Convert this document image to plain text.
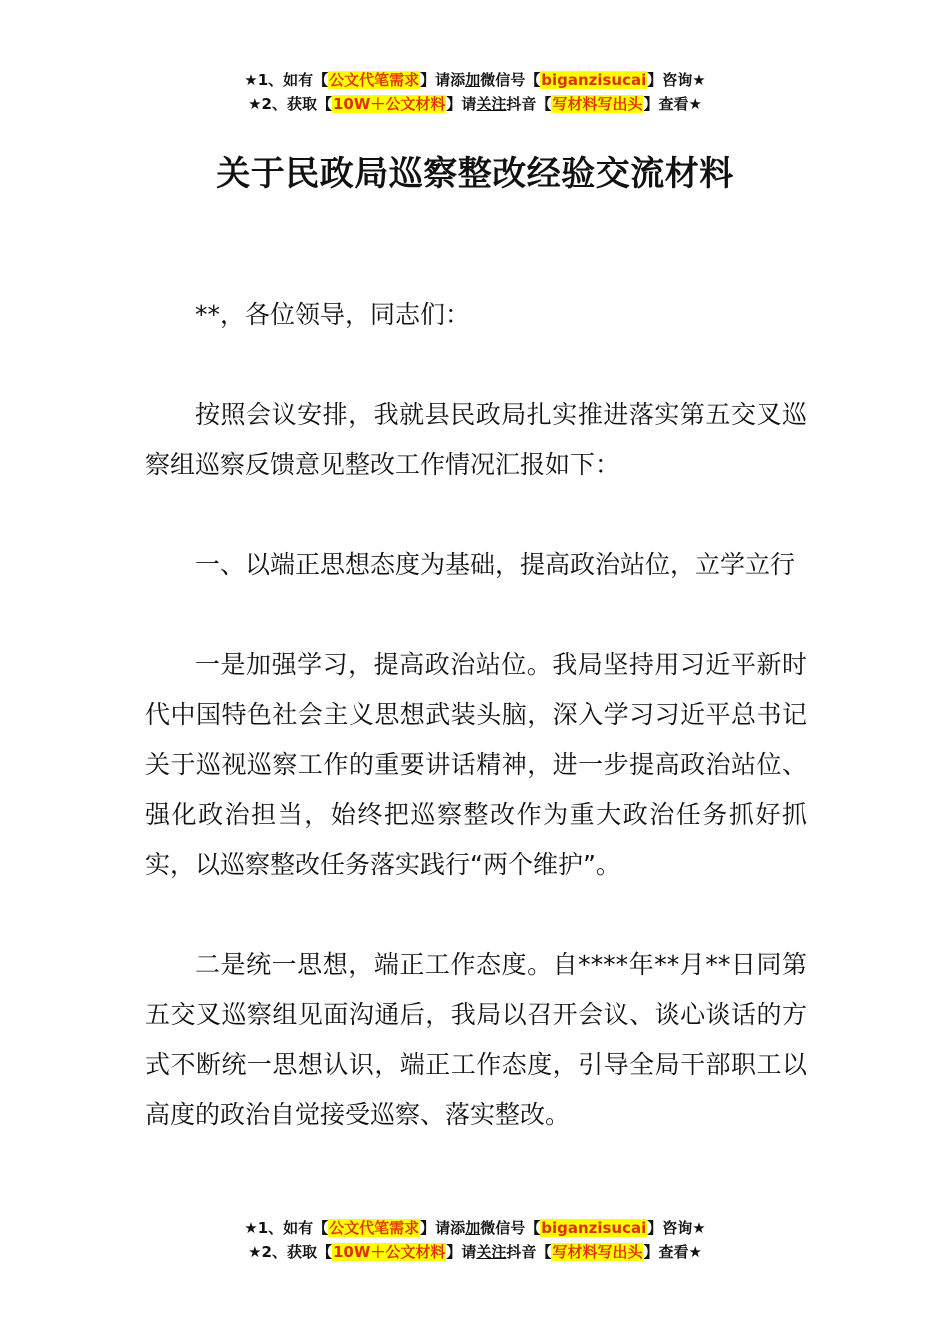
★1、如有【公文代笔需求】请添加微信号【biganzisucai】咨询★
★2、获取【10W＋公文材料】请关注抖音【写材料写出头】查看★
关于民政局巡察整改经验交流材料

**，各位领导，同志们：

按照会议安排，我就县民政局扎实推进落实第五交叉巡察组巡察反馈意见整改工作情况汇报如下：

一、以端正思想态度为基础，提高政治站位，立学立行

一是加强学习，提高政治站位。我局坚持用习近平新时代中国特色社会主义思想武装头脑，深入学习习近平总书记关于巡视巡察工作的重要讲话精神，进一步提高政治站位、强化政治担当，始终把巡察整改作为重大政治任务抓好抓实，以巡察整改任务落实践行“两个维护”。

二是统一思想，端正工作态度。自****年**月**日同第五交叉巡察组见面沟通后，我局以召开会议、谈心谈话的方式不断统一思想认识，端正工作态度，引导全局干部职工以高度的政治自觉接受巡察、落实整改。

★1、如有【公文代笔需求】请添加微信号【biganzisucai】咨询★
★2、获取【10W＋公文材料】请关注抖音【写材料写出头】查看★
